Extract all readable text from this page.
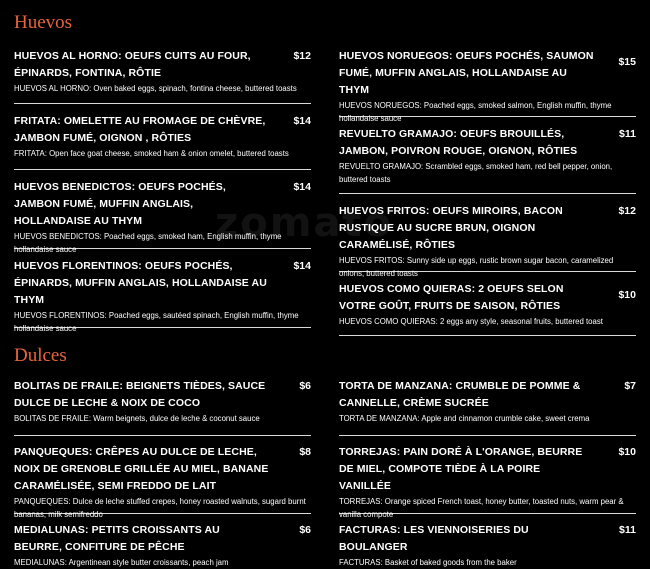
zomato
Huevos
HUEVOS AL HORNO: OEUFS CUITS AU FOUR, ÉPINARDS, FONTINA, RÔTIE
$12
HUEVOS AL HORNO: Oven baked eggs, spinach, fontina cheese, buttered toasts
FRITATA: OMELETTE AU FROMAGE DE CHÈVRE, JAMBON FUMÉ, OIGNON , RÔTIES
$14
FRITATA: Open face goat cheese, smoked ham & onion omelet, buttered toasts
HUEVOS BENEDICTOS: OEUFS POCHÉS, JAMBON FUMÉ, MUFFIN ANGLAIS, HOLLANDAISE AU THYM
$14
HUEVOS BENEDICTOS: Poached eggs, smoked ham, English muffin, thyme hollandaise sauce
HUEVOS FLORENTINOS: OEUFS POCHÉS, ÉPINARDS, MUFFIN ANGLAIS, HOLLANDAISE AU THYM
$14
HUEVOS FLORENTINOS: Poached eggs, sautéed spinach, English muffin, thyme hollandaise sauce
HUEVOS NORUEGOS: OEUFS POCHÉS, SAUMON FUMÉ, MUFFIN ANGLAIS, HOLLANDAISE AU THYM
$15
HUEVOS NORUEGOS: Poached eggs, smoked salmon, English muffin, thyme hollandaise sauce
REVUELTO GRAMAJO: OEUFS BROUILLÉS, JAMBON, POIVRON ROUGE, OIGNON, RÔTIES
$11
REVUELTO GRAMAJO: Scrambled eggs, smoked ham, red bell pepper, onion, buttered toasts
HUEVOS FRITOS: OEUFS MIROIRS, BACON RUSTIQUE AU SUCRE BRUN, OIGNON CARAMÉLISÉ, RÔTIES
$12
HUEVOS FRITOS: Sunny side up eggs, rustic brown sugar bacon, caramelized onions, buttered toasts
HUEVOS COMO QUIERAS: 2 OEUFS SELON VOTRE GOÛT, FRUITS DE SAISON, RÔTIES
$10
HUEVOS COMO QUIERAS: 2 eggs any style, seasonal fruits, buttered toast
Dulces
BOLITAS DE FRAILE: BEIGNETS TIÈDES, SAUCE DULCE DE LECHE & NOIX DE COCO
$6
BOLITAS DE FRAILE: Warm beignets, dulce de leche & coconut sauce
PANQUEQUES: CRÊPES AU DULCE DE LECHE, NOIX DE GRENOBLE GRILLÉE AU MIEL, BANANE CARAMÉLISÉE, SEMI FREDDO DE LAIT
$8
PANQUEQUES: Dulce de leche stuffed crepes, honey roasted walnuts, sugard burnt bananas, milk semifreddo
MEDIALUNAS: PETITS CROISSANTS AU BEURRE, CONFITURE DE PÊCHE
$6
MEDIALUNAS: Argentinean style butter croissants, peach jam
TORTA DE MANZANA: CRUMBLE DE POMME & CANNELLE, CRÈME SUCRÉE
$7
TORTA DE MANZANA: Apple and cinnamon crumble cake, sweet crema
TORREJAS: PAIN DORÉ À L'ORANGE, BEURRE DE MIEL, COMPOTE TIÈDE À LA POIRE VANILLÉE
$10
TORREJAS: Orange spiced French toast, honey butter, toasted nuts, warm pear & vanilla compote
FACTURAS: LES VIENNOISERIES DU BOULANGER
$11
FACTURAS: Basket of baked goods from the baker
